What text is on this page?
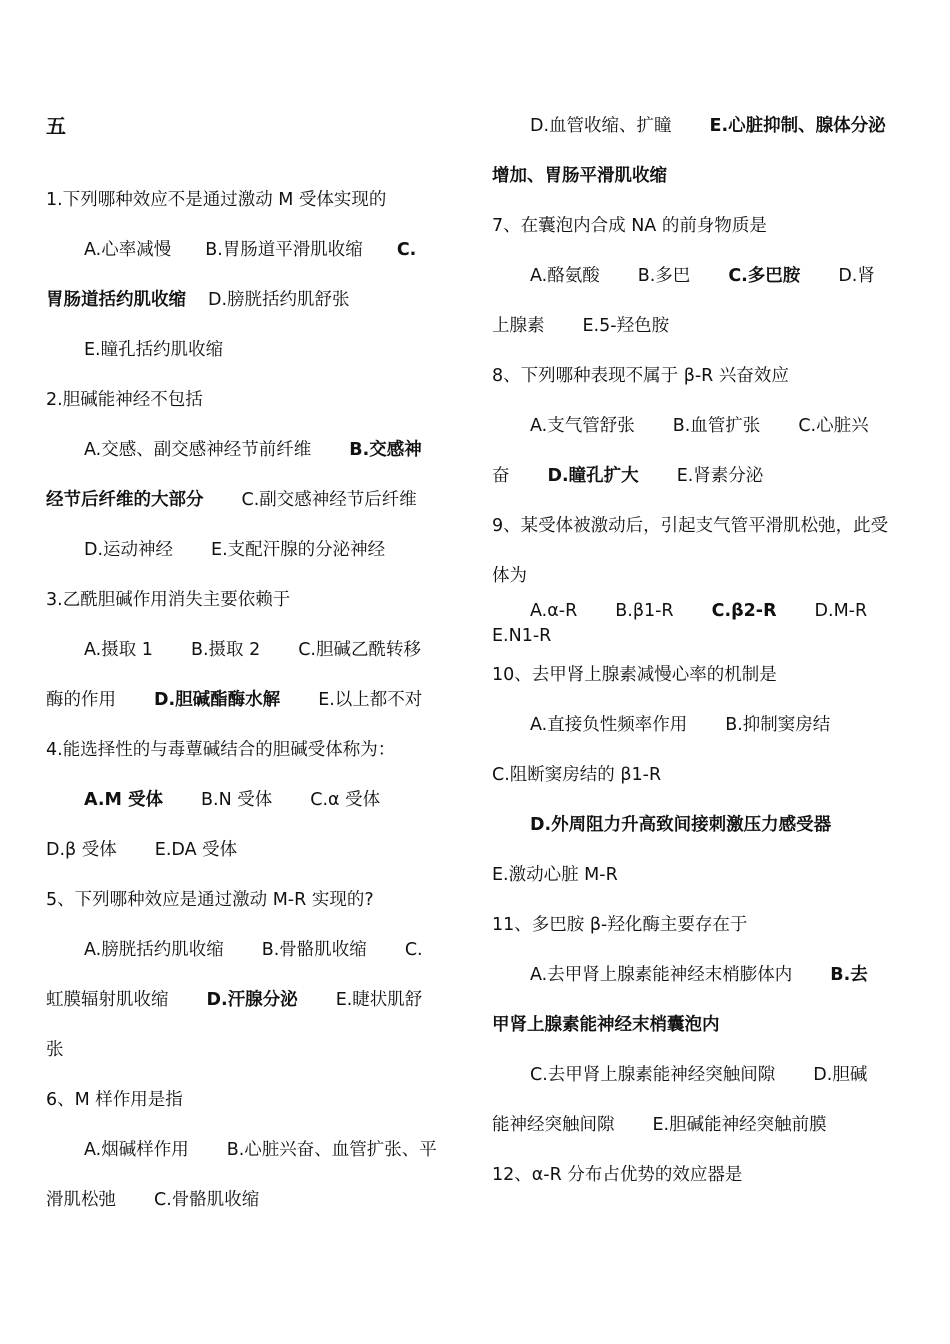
五
1.下列哪种效应不是通过激动 M 受体实现的
A.心率减慢 B.胃肠道平滑肌收缩 C.
胃肠道括约肌收缩 D.膀胱括约肌舒张
E.瞳孔括约肌收缩
2.胆碱能神经不包括
A.交感、副交感神经节前纤维 B.交感神
经节后纤维的大部分 C.副交感神经节后纤维
D.运动神经 E.支配汗腺的分泌神经
3.乙酰胆碱作用消失主要依赖于
A.摄取 1 B.摄取 2 C.胆碱乙酰转移
酶的作用 D.胆碱酯酶水解 E.以上都不对
4.能选择性的与毒蕈碱结合的胆碱受体称为：
A.M 受体 B.N 受体 C.α 受体
D.β 受体 E.DA 受体
5、下列哪种效应是通过激动 M-R 实现的?
A.膀胱括约肌收缩 B.骨骼肌收缩 C.
虹膜辐射肌收缩 D.汗腺分泌 E.睫状肌舒
张
6、M 样作用是指
A.烟碱样作用 B.心脏兴奋、血管扩张、平
滑肌松弛 C.骨骼肌收缩
D.血管收缩、扩瞳 E.心脏抑制、腺体分泌
增加、胃肠平滑肌收缩
7、在囊泡内合成 NA 的前身物质是
A.酪氨酸 B.多巴 C.多巴胺 D.肾
上腺素 E.5-羟色胺
8、下列哪种表现不属于 β-R 兴奋效应
A.支气管舒张 B.血管扩张 C.心脏兴
奋 D.瞳孔扩大 E.肾素分泌
9、某受体被激动后，引起支气管平滑肌松弛，此受
体为
A.α-R B.β1-R C.β2-R D.M-R
E.N1-R
10、去甲肾上腺素减慢心率的机制是
A.直接负性频率作用 B.抑制窦房结
C.阻断窦房结的 β1-R
D.外周阻力升高致间接刺激压力感受器
E.激动心脏 M-R
11、多巴胺 β-羟化酶主要存在于
A.去甲肾上腺素能神经末梢膨体内 B.去
甲肾上腺素能神经末梢囊泡内
C.去甲肾上腺素能神经突触间隙 D.胆碱
能神经突触间隙 E.胆碱能神经突触前膜
12、α-R 分布占优势的效应器是
